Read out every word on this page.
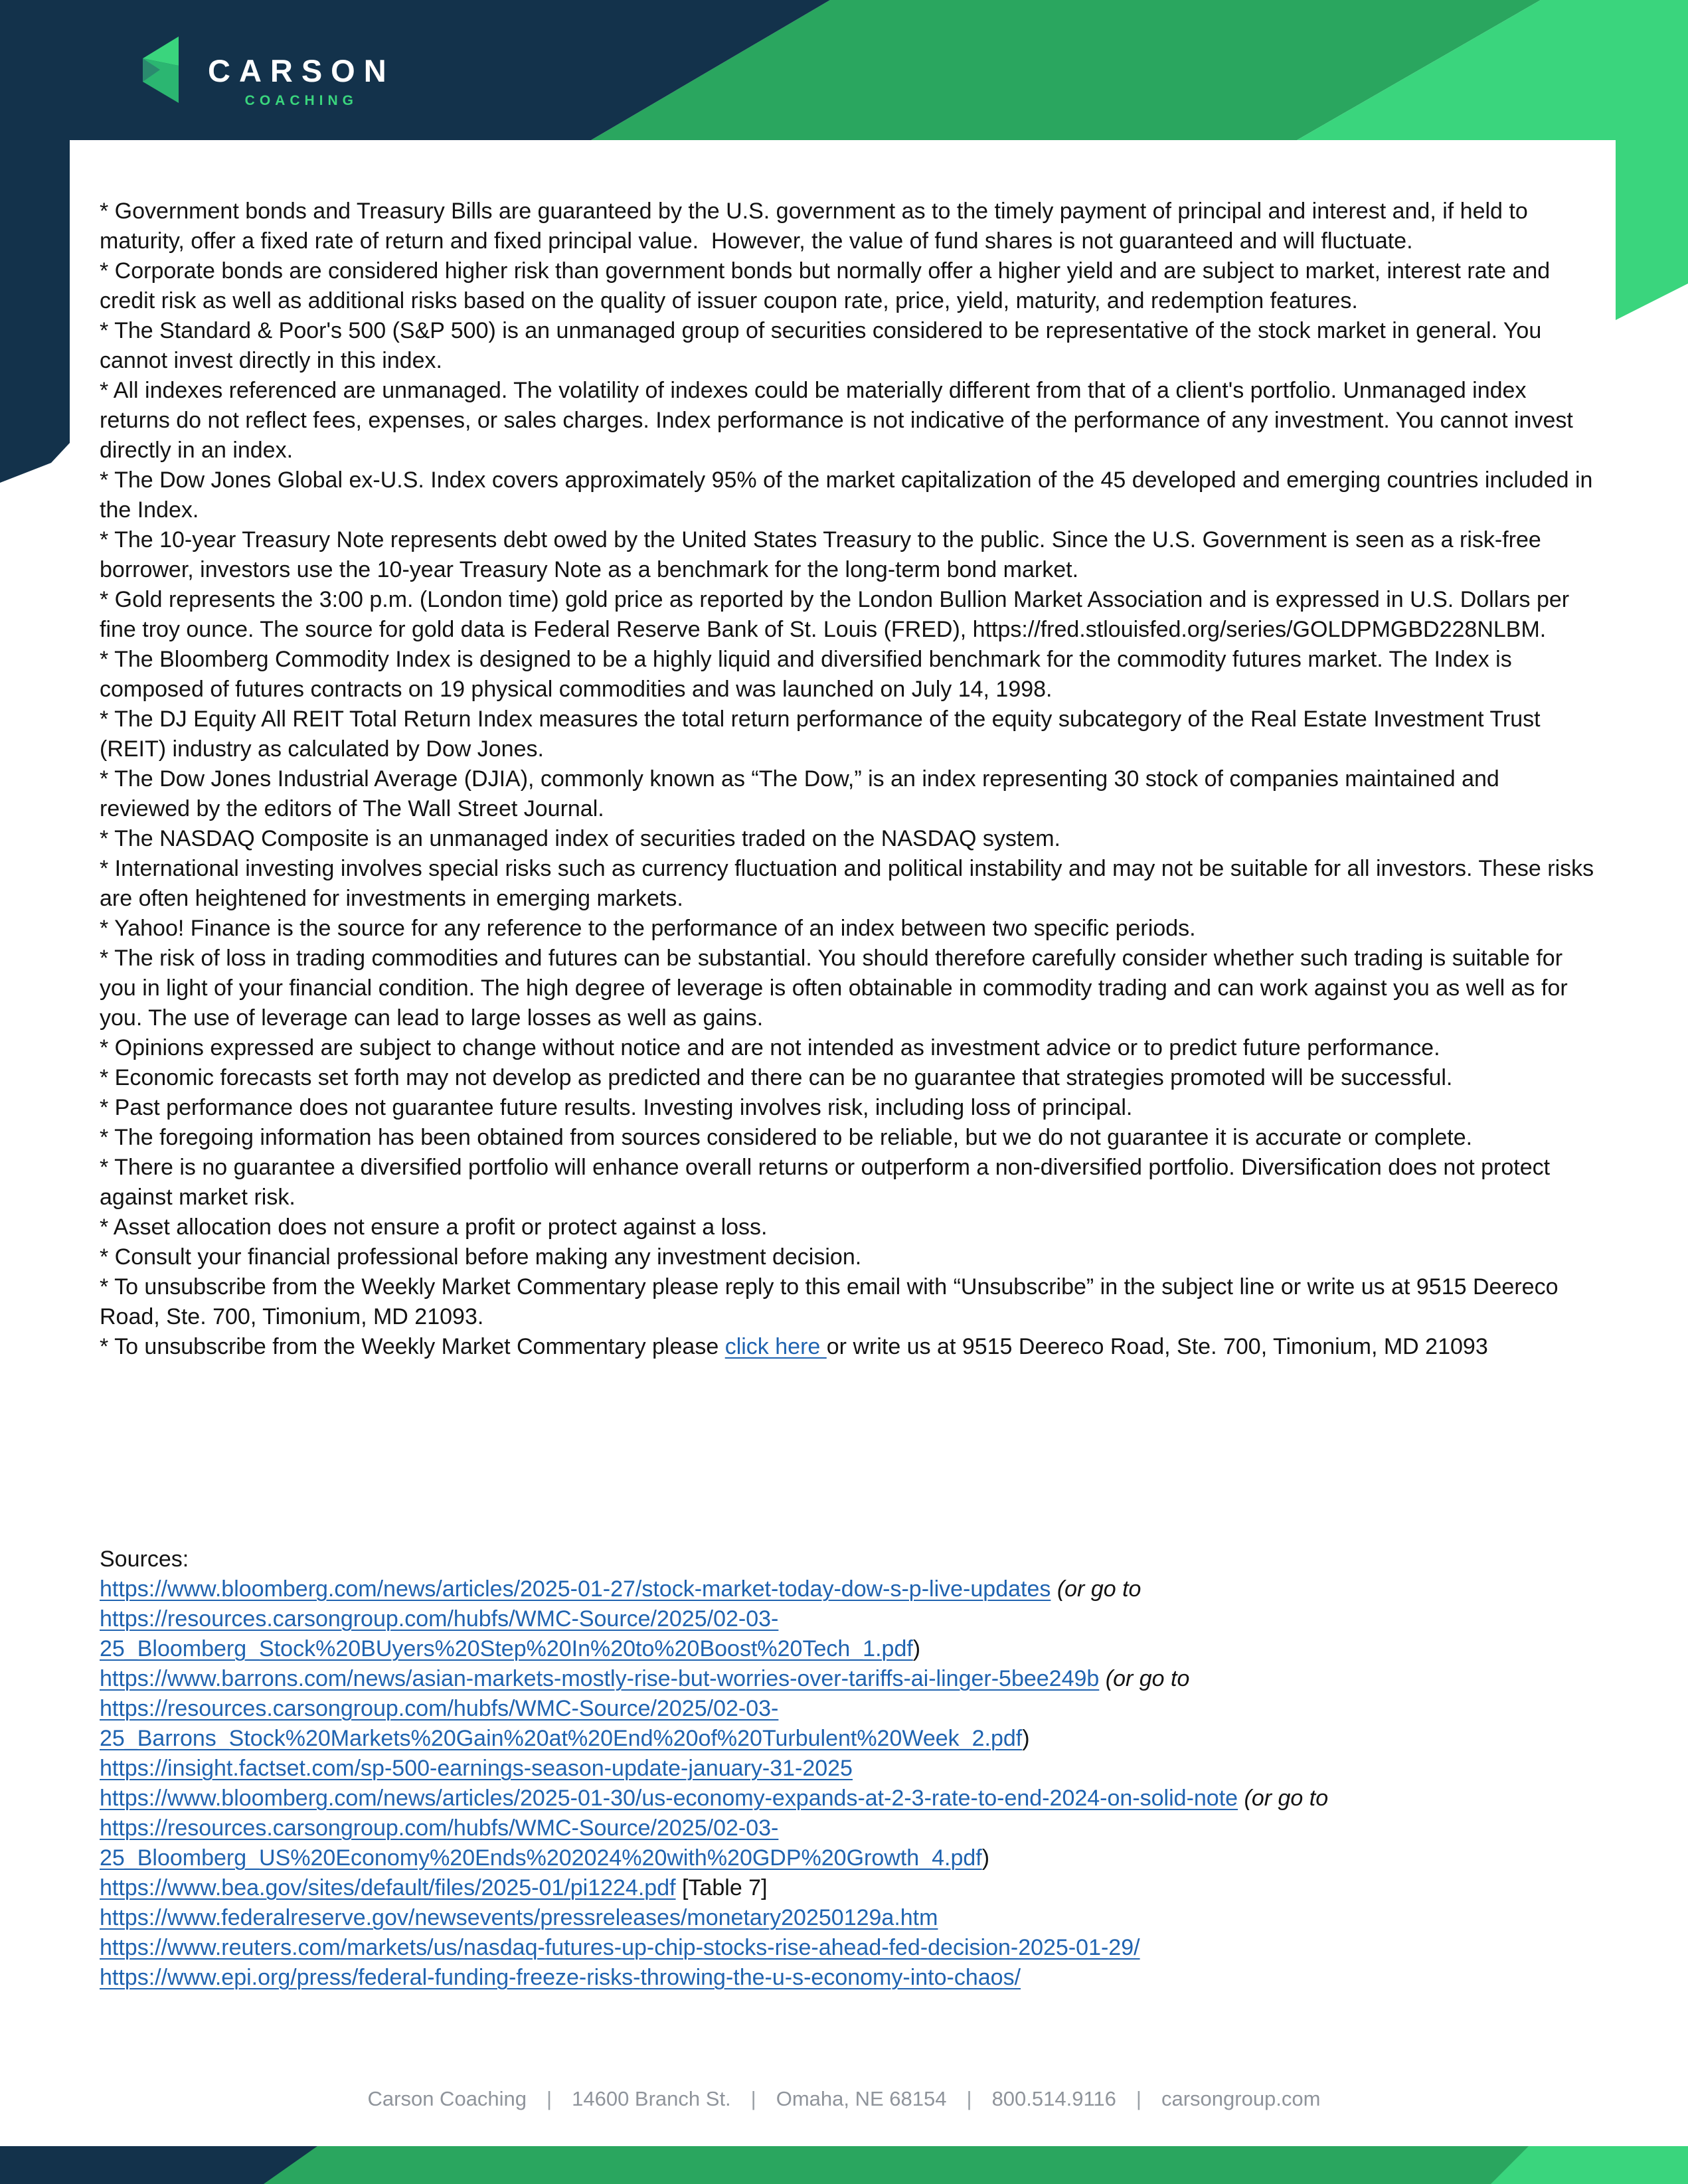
CARSON
COACHING

* Government bonds and Treasury Bills are guaranteed by the U.S. government as to the timely payment of principal and interest and, if held to maturity, offer a fixed rate of return and fixed principal value.  However, the value of fund shares is not guaranteed and will fluctuate.

* Corporate bonds are considered higher risk than government bonds but normally offer a higher yield and are subject to market, interest rate and credit risk as well as additional risks based on the quality of issuer coupon rate, price, yield, maturity, and redemption features.

* The Standard & Poor's 500 (S&P 500) is an unmanaged group of securities considered to be representative of the stock market in general. You cannot invest directly in this index.

* All indexes referenced are unmanaged. The volatility of indexes could be materially different from that of a client's portfolio. Unmanaged index returns do not reflect fees, expenses, or sales charges. Index performance is not indicative of the performance of any investment. You cannot invest directly in an index.

* The Dow Jones Global ex-U.S. Index covers approximately 95% of the market capitalization of the 45 developed and emerging countries included in the Index.

* The 10-year Treasury Note represents debt owed by the United States Treasury to the public. Since the U.S. Government is seen as a risk-free borrower, investors use the 10-year Treasury Note as a benchmark for the long-term bond market.

* Gold represents the 3:00 p.m. (London time) gold price as reported by the London Bullion Market Association and is expressed in U.S. Dollars per fine troy ounce. The source for gold data is Federal Reserve Bank of St. Louis (FRED), https://fred.stlouisfed.org/series/GOLDPMGBD228NLBM.

* The Bloomberg Commodity Index is designed to be a highly liquid and diversified benchmark for the commodity futures market. The Index is composed of futures contracts on 19 physical commodities and was launched on July 14, 1998.

* The DJ Equity All REIT Total Return Index measures the total return performance of the equity subcategory of the Real Estate Investment Trust (REIT) industry as calculated by Dow Jones.

* The Dow Jones Industrial Average (DJIA), commonly known as “The Dow,” is an index representing 30 stock of companies maintained and reviewed by the editors of The Wall Street Journal.

* The NASDAQ Composite is an unmanaged index of securities traded on the NASDAQ system.

* International investing involves special risks such as currency fluctuation and political instability and may not be suitable for all investors. These risks are often heightened for investments in emerging markets.

* Yahoo! Finance is the source for any reference to the performance of an index between two specific periods.

* The risk of loss in trading commodities and futures can be substantial. You should therefore carefully consider whether such trading is suitable for you in light of your financial condition. The high degree of leverage is often obtainable in commodity trading and can work against you as well as for you. The use of leverage can lead to large losses as well as gains.

* Opinions expressed are subject to change without notice and are not intended as investment advice or to predict future performance.

* Economic forecasts set forth may not develop as predicted and there can be no guarantee that strategies promoted will be successful.

* Past performance does not guarantee future results. Investing involves risk, including loss of principal.

* The foregoing information has been obtained from sources considered to be reliable, but we do not guarantee it is accurate or complete.

* There is no guarantee a diversified portfolio will enhance overall returns or outperform a non-diversified portfolio. Diversification does not protect against market risk.

* Asset allocation does not ensure a profit or protect against a loss.

* Consult your financial professional before making any investment decision.

* To unsubscribe from the Weekly Market Commentary please reply to this email with “Unsubscribe” in the subject line or write us at 9515 Deereco Road, Ste. 700, Timonium, MD 21093.

* To unsubscribe from the Weekly Market Commentary please click here or write us at 9515 Deereco Road, Ste. 700, Timonium, MD 21093

Sources:

https://www.bloomberg.com/news/articles/2025-01-27/stock-market-today-dow-s-p-live-updates (or go to
https://resources.carsongroup.com/hubfs/WMC-Source/2025/02-03-
25_Bloomberg_Stock%20BUyers%20Step%20In%20to%20Boost%20Tech_1.pdf)
https://www.barrons.com/news/asian-markets-mostly-rise-but-worries-over-tariffs-ai-linger-5bee249b (or go to
https://resources.carsongroup.com/hubfs/WMC-Source/2025/02-03-
25_Barrons_Stock%20Markets%20Gain%20at%20End%20of%20Turbulent%20Week_2.pdf)
https://insight.factset.com/sp-500-earnings-season-update-january-31-2025
https://www.bloomberg.com/news/articles/2025-01-30/us-economy-expands-at-2-3-rate-to-end-2024-on-solid-note (or go to
https://resources.carsongroup.com/hubfs/WMC-Source/2025/02-03-
25_Bloomberg_US%20Economy%20Ends%202024%20with%20GDP%20Growth_4.pdf)
https://www.bea.gov/sites/default/files/2025-01/pi1224.pdf [Table 7]
https://www.federalreserve.gov/newsevents/pressreleases/monetary20250129a.htm
https://www.reuters.com/markets/us/nasdaq-futures-up-chip-stocks-rise-ahead-fed-decision-2025-01-29/
https://www.epi.org/press/federal-funding-freeze-risks-throwing-the-u-s-economy-into-chaos/
Carson Coaching | 14600 Branch St. | Omaha, NE 68154 | 800.514.9116 | carsongroup.com
